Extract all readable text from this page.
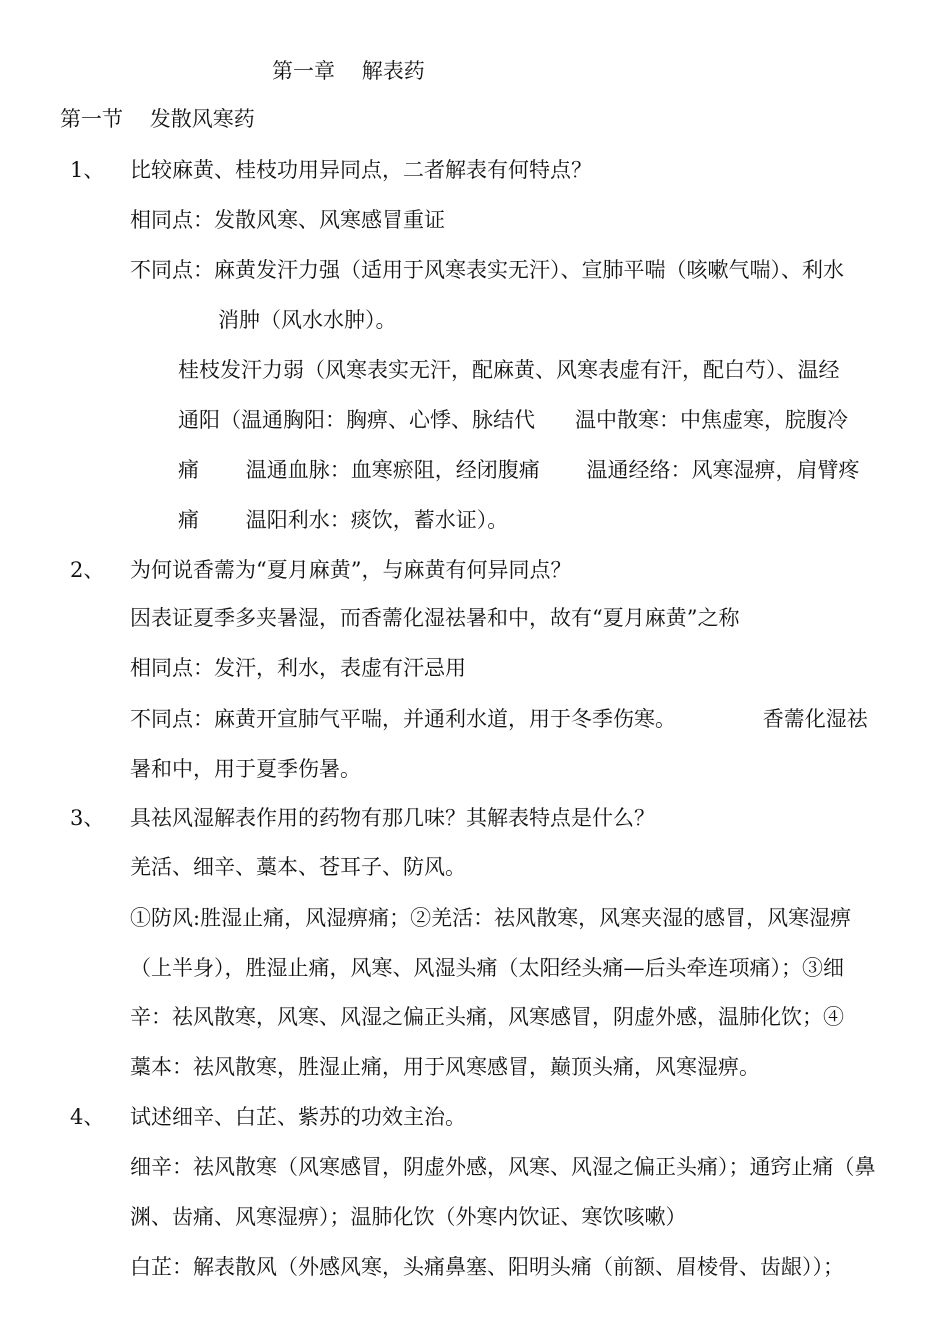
第一章    解表药
第一节    发散风寒药
1、 比较麻黄、桂枝功用异同点，二者解表有何特点？
相同点：发散风寒、风寒感冒重证
不同点：麻黄发汗力强（适用于风寒表实无汗）、宣肺平喘（咳嗽气喘）、利水
消肿（风水水肿）。
桂枝发汗力弱（风寒表实无汗，配麻黄、风寒表虚有汗，配白芍）、温经
通阳（温通胸阳：胸痹、心悸、脉结代      温中散寒：中焦虚寒，脘腹冷
痛       温通血脉：血寒瘀阻，经闭腹痛       温通经络：风寒湿痹，肩臂疼
痛       温阳利水：痰饮，蓄水证）。
2、 为何说香薷为“夏月麻黄”，与麻黄有何异同点？
因表证夏季多夹暑湿，而香薷化湿祛暑和中，故有“夏月麻黄”之称
相同点：发汗，利水，表虚有汗忌用
不同点：麻黄开宣肺气平喘，并通利水道，用于冬季伤寒。             香薷化湿祛
暑和中，用于夏季伤暑。
3、 具祛风湿解表作用的药物有那几味？其解表特点是什么？
羌活、细辛、藁本、苍耳子、防风。
①防风:胜湿止痛，风湿痹痛；②羌活：祛风散寒，风寒夹湿的感冒，风寒湿痹
（上半身），胜湿止痛，风寒、风湿头痛（太阳经头痛—后头牵连项痛）；③细
辛：祛风散寒，风寒、风湿之偏正头痛，风寒感冒，阴虚外感，温肺化饮；④
藁本：祛风散寒，胜湿止痛，用于风寒感冒，巅顶头痛，风寒湿痹。
4、 试述细辛、白芷、紫苏的功效主治。
细辛：祛风散寒（风寒感冒，阴虚外感，风寒、风湿之偏正头痛）；通窍止痛（鼻
渊、齿痛、风寒湿痹）；温肺化饮（外寒内饮证、寒饮咳嗽）
白芷：解表散风（外感风寒，头痛鼻塞、阳明头痛（前额、眉棱骨、齿龈））；
